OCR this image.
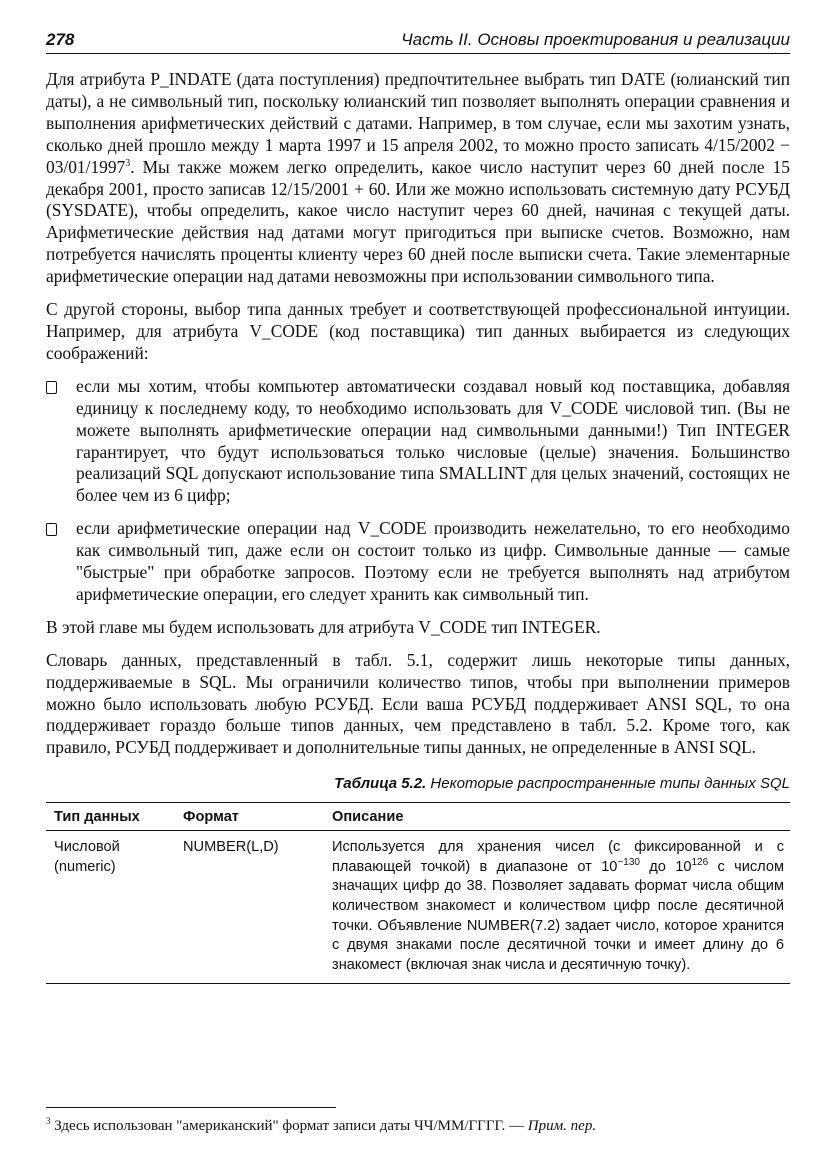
278	Часть II. Основы проектирования и реализации

Для атрибута P_INDATE (дата поступления) предпочтительнее выбрать тип DATE (юлианский тип даты), а не символьный тип, поскольку юлианский тип позволяет выполнять операции сравнения и выполнения арифметических действий с датами. Например, в том случае, если мы захотим узнать, сколько дней прошло между 1 марта 1997 и 15 апреля 2002, то можно просто записать $4/15/2002 - 03/01/1997^3$. Мы также можем легко определить, какое число наступит через 60 дней после 15 декабря 2001, просто записав 12/15/2001 + 60. Или же можно использовать системную дату РСУБД (SYSDATE), чтобы определить, какое число наступит через 60 дней, начиная с текущей даты. Арифметические действия над датами могут пригодиться при выписке счетов. Возможно, нам потребуется начислять проценты клиенту через 60 дней после выписки счета. Такие элементарные арифметические операции над датами невозможны при использовании символьного типа.

С другой стороны, выбор типа данных требует и соответствующей профессиональной интуиции. Например, для атрибута V_CODE (код поставщика) тип данных выбирается из следующих соображений:

если мы хотим, чтобы компьютер автоматически создавал новый код поставщика, добавляя единицу к последнему коду, то необходимо использовать для V_CODE числовой тип. (Вы не можете выполнять арифметические операции над символьными данными!) Тип INTEGER гарантирует, что будут использоваться только числовые (целые) значения. Большинство реализаций SQL допускают использование типа SMALLINT для целых значений, состоящих не более чем из 6 цифр;
если арифметические операции над V_CODE производить нежелательно, то его необходимо как символьный тип, даже если он состоит только из цифр. Символьные данные — самые "быстрые" при обработке запросов. Поэтому если не требуется выполнять над атрибутом арифметические операции, его следует хранить как символьный тип.

В этой главе мы будем использовать для атрибута V_CODE тип INTEGER.

Словарь данных, представленный в табл. 5.1, содержит лишь некоторые типы данных, поддерживаемые в SQL. Мы ограничили количество типов, чтобы при выполнении примеров можно было использовать любую РСУБД. Если ваша РСУБД поддерживает ANSI SQL, то она поддерживает гораздо больше типов данных, чем представлено в табл. 5.2. Кроме того, как правило, РСУБД поддерживает и дополнительные типы данных, не определенные в ANSI SQL.

Таблица 5.2. Некоторые распространенные типы данных SQL
Тип данных	Формат	Описание
Числовой (numeric)	NUMBER(L,D)	Используется для хранения чисел (с фиксированной и с плавающей точкой) в диапазоне от $10^{-130}$ до $10^{126}$ с числом значащих цифр до 38. Позволяет задавать формат числа общим количеством знакомест и количеством цифр после десятичной точки. Объявление NUMBER(7.2) задает число, которое хранится с двумя знаками после десятичной точки и имеет длину до 6 знакомест (включая знак числа и десятичную точку).
$^3$ Здесь использован "американский" формат записи даты ЧЧ/ММ/ГГГГ. — Прим. пер.
